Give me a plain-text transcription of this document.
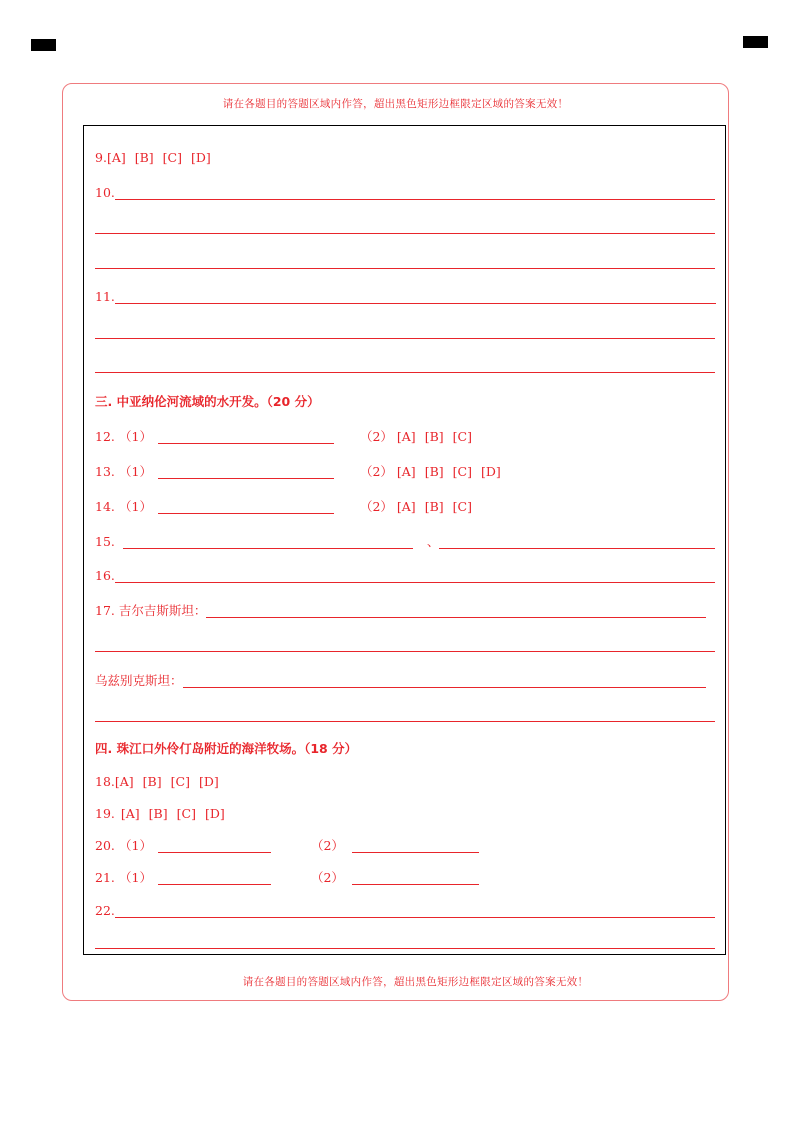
请在各题目的答题区域内作答，超出黑色矩形边框限定区域的答案无效！
请在各题目的答题区域内作答，超出黑色矩形边框限定区域的答案无效！
9. [A] [B] [C] [D]
10.
11.
三. 中亚纳伦河流域的水开发。（20 分）
12. （1）	（2） [A] [B] [C]
13. （1）	（2） [A] [B] [C] [D]
14. （1）	（2） [A] [B] [C]
15.	、
16.
17. 吉尔吉斯斯坦：
乌兹别克斯坦：
四. 珠江口外伶仃岛附近的海洋牧场。（18 分）
18. [A] [B] [C] [D]
19. [A] [B] [C] [D]
20. （1）	（2）
21. （1）	（2）
22.
